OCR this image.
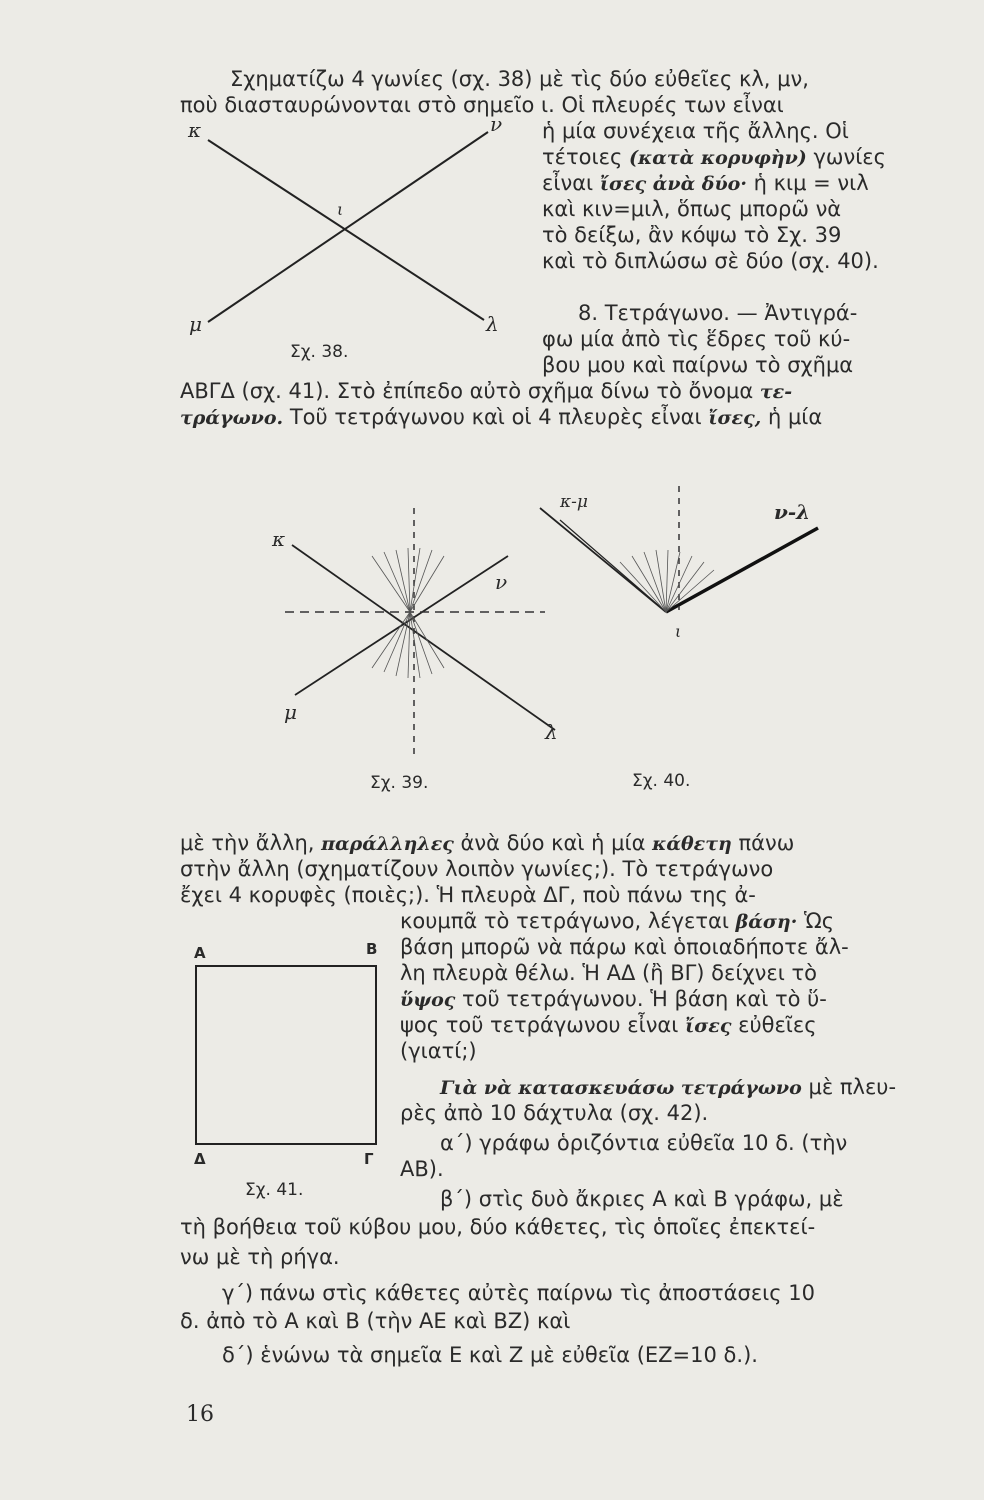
κ	ν
ι
μ	λ
Σχ. 38.
κ
ν
μ
λ
Σχ. 39.
κ-μ	ν-λ
ι
Σχ. 40.
Α	Β
Δ	Γ
Σχ. 41.
Σχηματίζω 4 γωνίες (σχ. 38) μὲ τὶς δύο εὐθεῖες κλ, μν,
ποὺ διασταυρώνονται στὸ σημεῖο ι. Οἱ πλευρές των εἶναι
ἡ μία συνέχεια τῆς ἄλλης. Οἱ
τέτοιες (κατὰ κορυφὴν) γωνίες
εἶναι ἴσες ἀνὰ δύο· ἡ κιμ = νιλ
καὶ κιν=μιλ, ὅπως μπορῶ νὰ
τὸ δείξω, ἂν κόψω τὸ Σχ. 39
καὶ τὸ διπλώσω σὲ δύο (σχ. 40).
8. Τετράγωνο. — Ἀντιγρά-
φω μία ἀπὸ τὶς ἕδρες τοῦ κύ-
βου μου καὶ παίρνω τὸ σχῆμα
ΑΒΓΔ (σχ. 41). Στὸ ἐπίπεδο αὐτὸ σχῆμα δίνω τὸ ὄνομα τε-
τράγωνο. Τοῦ τετράγωνου καὶ οἱ 4 πλευρὲς εἶναι ἴσες, ἡ μία
μὲ τὴν ἄλλη, παράλληλες ἀνὰ δύο καὶ ἡ μία κάθετη πάνω
στὴν ἄλλη (σχηματίζουν λοιπὸν γωνίες;). Τὸ τετράγωνο
ἔχει 4 κορυφὲς (ποιὲς;). Ἡ πλευρὰ ΔΓ, ποὺ πάνω της ἀ-
κουμπᾶ τὸ τετράγωνο, λέγεται βάση· Ὡς
βάση μπορῶ νὰ πάρω καὶ ὁποιαδήποτε ἄλ-
λη πλευρὰ θέλω. Ἡ ΑΔ (ἢ ΒΓ) δείχνει τὸ
ὕψος τοῦ τετράγωνου. Ἡ βάση καὶ τὸ ὕ-
ψος τοῦ τετράγωνου εἶναι ἴσες εὐθεῖες
(γιατί;)
Γιὰ νὰ κατασκευάσω τετράγωνο μὲ πλευ-
ρὲς ἀπὸ 10 δάχτυλα (σχ. 42).
α΄) γράφω ὁριζόντια εὐθεῖα 10 δ. (τὴν
ΑΒ).
β΄) στὶς δυὸ ἄκριες Α καὶ Β γράφω, μὲ
τὴ βοήθεια τοῦ κύβου μου, δύο κάθετες, τὶς ὁποῖες ἐπεκτεί-
νω μὲ τὴ ρήγα.
γ΄) πάνω στὶς κάθετες αὐτὲς παίρνω τὶς ἀποστάσεις 10
δ. ἀπὸ τὸ Α καὶ Β (τὴν ΑΕ καὶ ΒΖ) καὶ
δ΄) ἑνώνω τὰ σημεῖα Ε καὶ Ζ μὲ εὐθεῖα (ΕΖ=10 δ.).
16
